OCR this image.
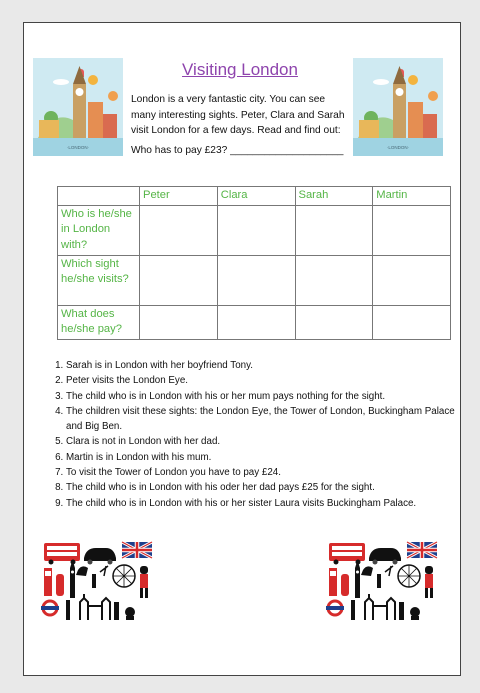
·LONDON·	·LONDON·
Visiting London
London is a very fantastic city. You can see many interesting sights. Peter, Clara and Sarah visit London for a few days. Read and find out:
Who has to pay £23? ____________________
	Peter	Clara	Sarah	Martin
Who is he/she in London with?				
Which sight he/she visits?				
What does he/she pay?				
1. Sarah is in London with her boyfriend Tony.
2. Peter visits the London Eye.
3. The child who is in London with his or her mum pays nothing for the sight.
4. The children visit these sights: the London Eye, the Tower of London, Buckingham Palace and Big Ben.
5. Clara is not in London with her dad.
6. Martin is in London with his mum.
7. To visit the Tower of London you have to pay £24.
8. The child who is in London with his oder her dad pays £25 for the sight.
9. The child who is in London with his or her sister Laura visits Buckingham Palace.
